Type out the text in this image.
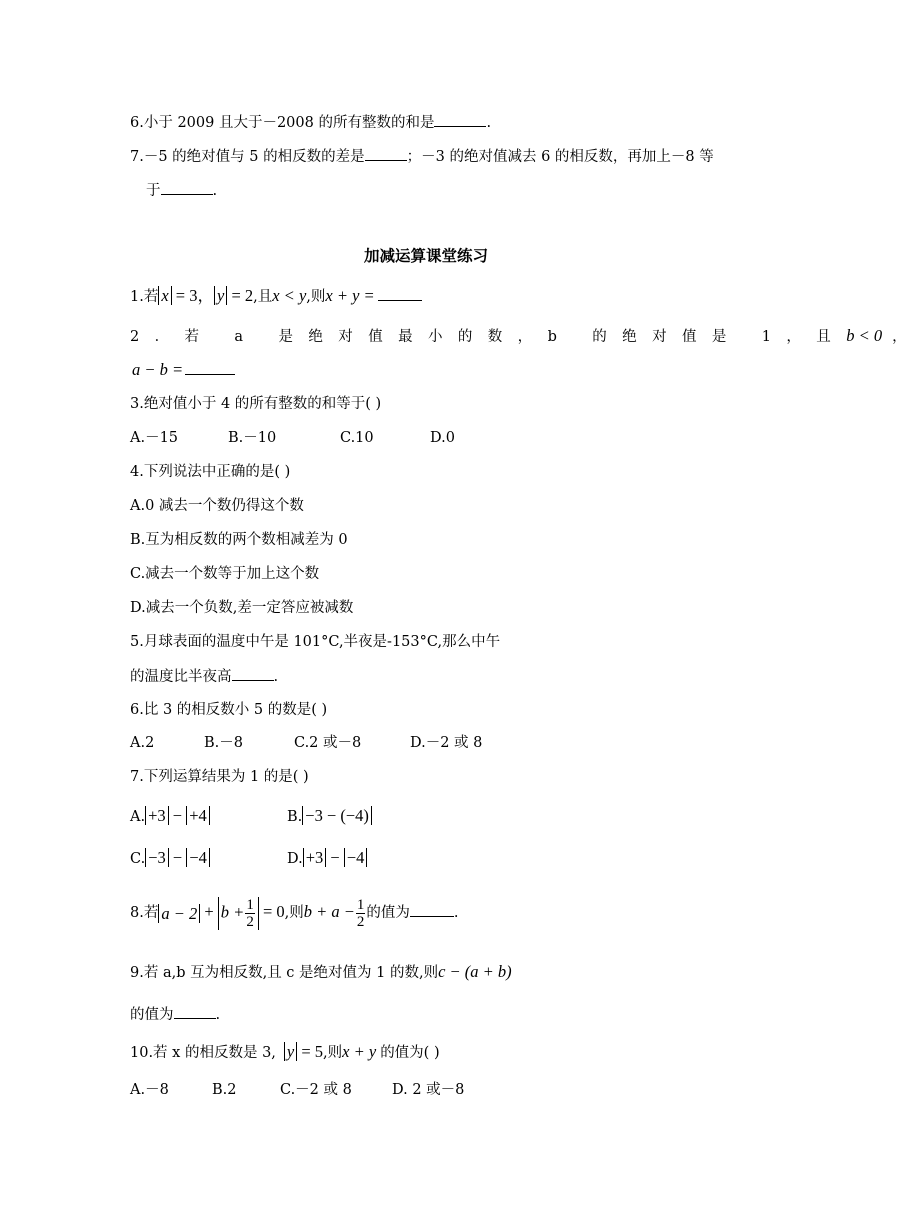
6.小于 2009 且大于－2008 的所有整数的和是	.
7.－5 的绝对值与 5 的相反数的差是	；－3 的绝对值减去 6 的相反数，再加上－8 等
于	.
加减运算课堂练习
1.若 x = 3， y = 2,且x < y,则x + y =
2．若 a 是绝对值最小的数，b 的绝对值是 1，且b < 0 ，
a − b =
3.绝对值小于 4 的所有整数的和等于( )
A.－15	B.－10	C.10	D.0
4.下列说法中正确的是( )
A.0 减去一个数仍得这个数
B.互为相反数的两个数相减差为 0
C.减去一个数等于加上这个数
D.减去一个负数,差一定答应被减数
5.月球表面的温度中午是 101°C,半夜是-153°C,那么中午
的温度比半夜高	.
6.比 3 的相反数小 5 的数是( )
A.2	B.－8	C.2 或－8	D.－2 或 8
7.下列运算结果为 1 的是( )
A. +3 − +4	B. −3 − (−4)
C. −3 − −4	D. +3 − −4
8.若 $a - 2 + b + \frac{1}{2} = 0$,则$b + a - \frac{1}{2}$ 的值为	.
9.若 a,b 互为相反数,且 c 是绝对值为 1 的数,则c − (a + b)
的值为	.
10.若 x 的相反数是 3, y = 5,则x + y 的值为( )
A.－8	B.2	C.－2 或 8	D. 2 或－8
